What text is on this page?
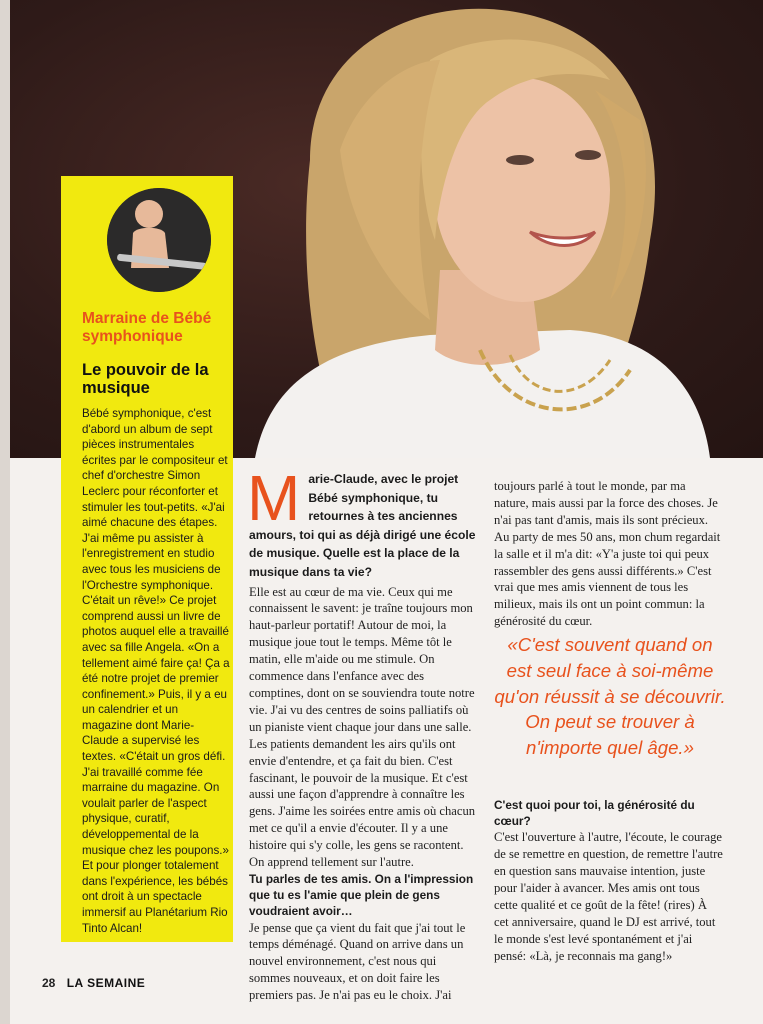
Marraine de Bébé symphonique
Le pouvoir de la musique
Bébé symphonique, c'est d'abord un album de sept pièces instrumentales écrites par le compositeur et chef d'orchestre Simon Leclerc pour réconforter et stimuler les tout-petits. «J'ai aimé chacune des étapes. J'ai même pu assister à l'enregistrement en studio avec tous les musiciens de l'Orchestre symphonique. C'était un rêve!» Ce projet comprend aussi un livre de photos auquel elle a travaillé avec sa fille Angela. «On a tellement aimé faire ça! Ça a été notre projet de premier confinement.» Puis, il y a eu un calendrier et un magazine dont Marie-Claude a supervisé les textes. «C'était un gros défi. J'ai travaillé comme fée marraine du magazine. On voulait parler de l'aspect physique, curatif, développemental de la musique chez les poupons.» Et pour plonger totalement dans l'expérience, les bébés ont droit à un spectacle immersif au Planétarium Rio Tinto Alcan!

Marie-Claude, avec le projet Bébé symphonique, tu retournes à tes anciennes amours, toi qui as déjà dirigé une école de musique. Quelle est la place de la musique dans ta vie?

Elle est au cœur de ma vie. Ceux qui me connaissent le savent: je traîne toujours mon haut-parleur portatif! Autour de moi, la musique joue tout le temps. Même tôt le matin, elle m'aide ou me stimule. On commence dans l'enfance avec des comptines, dont on se souviendra toute notre vie. J'ai vu des centres de soins palliatifs où un pianiste vient chaque jour dans une salle. Les patients demandent les airs qu'ils ont envie d'entendre, et ça fait du bien. C'est fascinant, le pouvoir de la musique. Et c'est aussi une façon d'apprendre à connaître les gens. J'aime les soirées entre amis où chacun met ce qu'il a envie d'écouter. Il y a une histoire qui s'y colle, les gens se racontent. On apprend tellement sur l'autre.

Tu parles de tes amis. On a l'impression que tu es l'amie que plein de gens voudraient avoir…

Je pense que ça vient du fait que j'ai tout le temps déménagé. Quand on arrive dans un nouvel environnement, c'est nous qui sommes nouveaux, et on doit faire les premiers pas. Je n'ai pas eu le choix. J'ai

toujours parlé à tout le monde, par ma nature, mais aussi par la force des choses. Je n'ai pas tant d'amis, mais ils sont précieux. Au party de mes 50 ans, mon chum regardait la salle et il m'a dit: «Y'a juste toi qui peux rassembler des gens aussi différents.» C'est vrai que mes amis viennent de tous les milieux, mais ils ont un point commun: la générosité du cœur.

«C'est souvent quand on est seul face à soi-même qu'on réussit à se découvrir. On peut se trouver à n'importe quel âge.»

C'est quoi pour toi, la générosité du cœur?

C'est l'ouverture à l'autre, l'écoute, le courage de se remettre en question, de remettre l'autre en question sans mauvaise intention, juste pour l'aider à avancer. Mes amis ont tous cette qualité et ce goût de la fête! (rires) À cet anniversaire, quand le DJ est arrivé, tout le monde s'est levé spontanément et j'ai pensé: «Là, je reconnais ma gang!»

28 LA SEMAINE
